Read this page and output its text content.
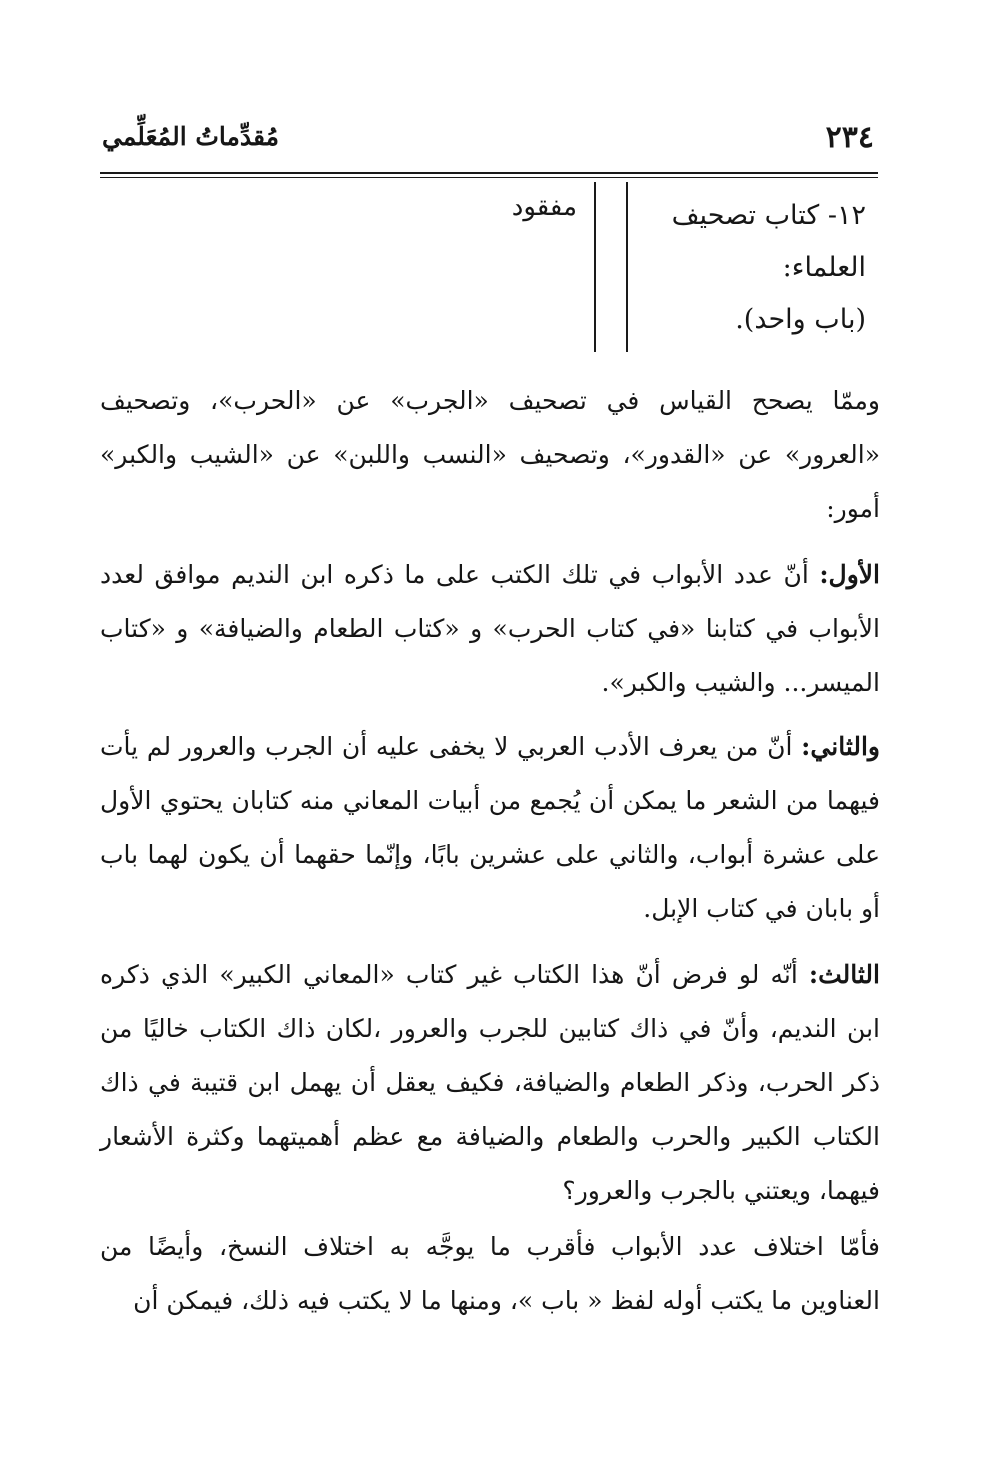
٢٣٤
مُقدِّماتُ المُعَلِّمي
١٢- كتاب تصحيف
العلماء:
(باب واحد).
مفقود

وممّا يصحح القياس في تصحيف «الجرب» عن «الحرب»، وتصحيف «العرور» عن «القدور»، وتصحيف «النسب واللبن» عن «الشيب والكبر» أمور:

الأول: أنّ عدد الأبواب في تلك الكتب على ما ذكره ابن النديم موافق لعدد الأبواب في كتابنا «في كتاب الحرب» و «كتاب الطعام والضيافة» و «كتاب الميسر... والشيب والكبر».

والثاني: أنّ من يعرف الأدب العربي لا يخفى عليه أن الجرب والعرور لم يأت فيهما من الشعر ما يمكن أن يُجمع من أبيات المعاني منه كتابان يحتوي الأول على عشرة أبواب، والثاني على عشرين بابًا، وإنّما حقهما أن يكون لهما باب أو بابان في كتاب الإبل.

الثالث: أنّه لو فرض أنّ هذا الكتاب غير كتاب «المعاني الكبير» الذي ذكره ابن النديم، وأنّ في ذاك كتابين للجرب والعرور ،لكان ذاك الكتاب خاليًا من ذكر الحرب، وذكر الطعام والضيافة، فكيف يعقل أن يهمل ابن قتيبة في ذاك الكتاب الكبير والحرب والطعام والضيافة مع عظم أهميتهما وكثرة الأشعار فيهما، ويعتني بالجرب والعرور؟

فأمّا اختلاف عدد الأبواب فأقرب ما يوجَّه به اختلاف النسخ، وأيضًا من العناوين ما يكتب أوله لفظ « باب »، ومنها ما لا يكتب فيه ذلك، فيمكن أن
